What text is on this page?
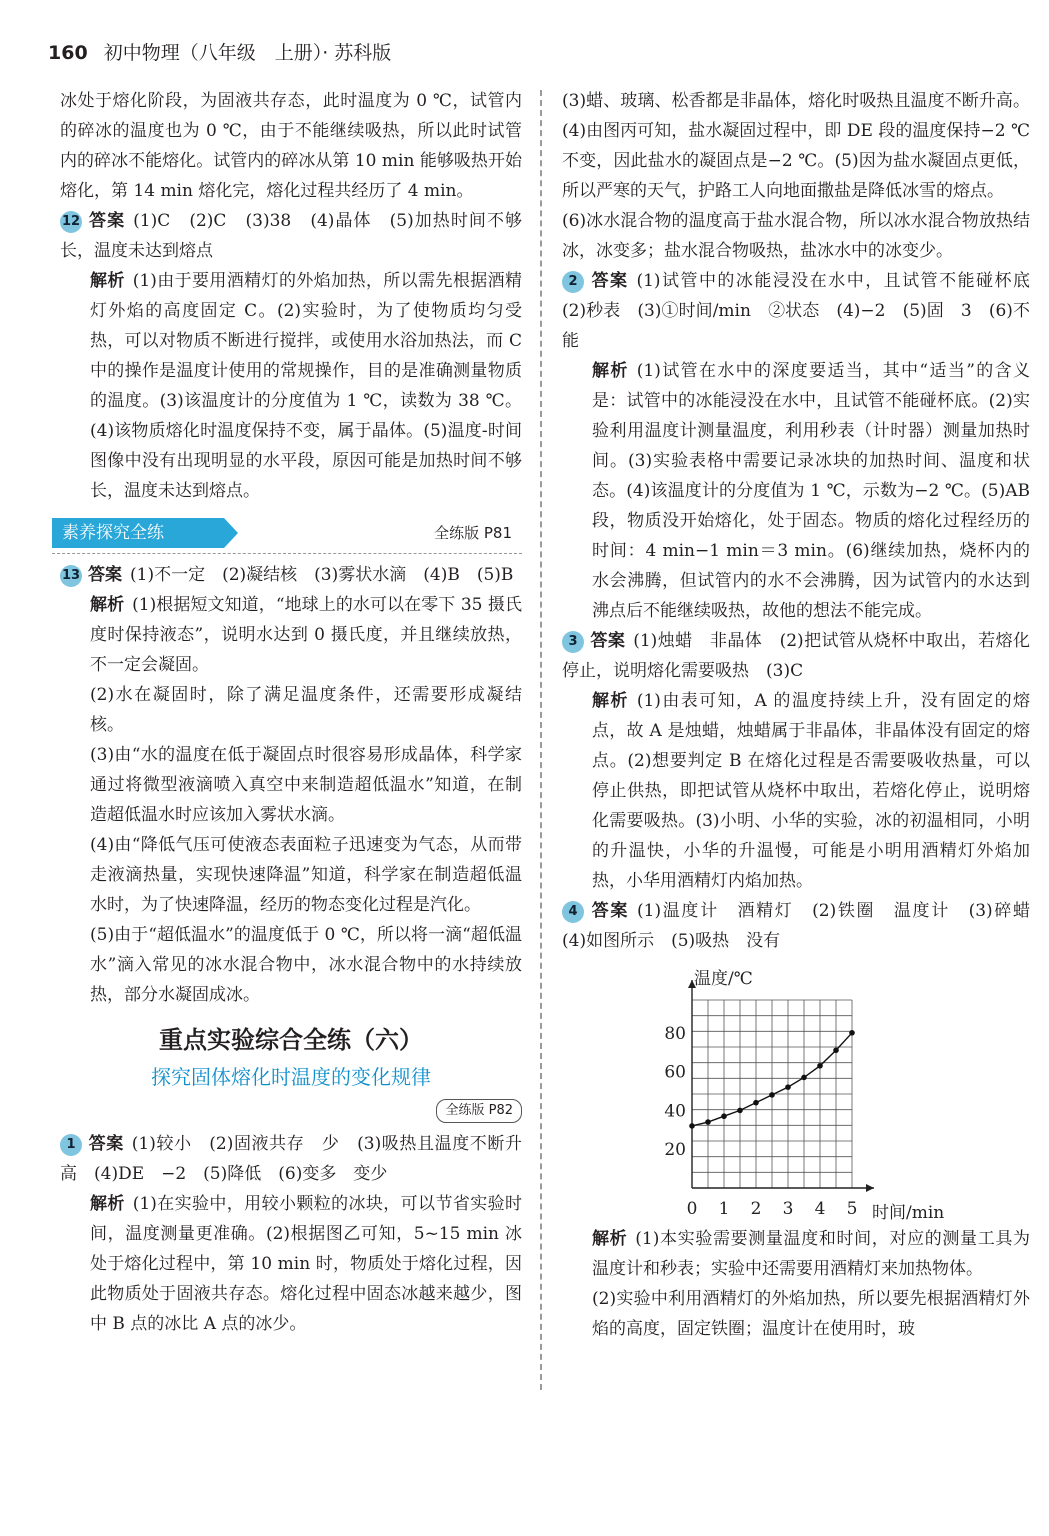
160 初中物理（八年级　上册）· 苏科版

冰处于熔化阶段，为固液共存态，此时温度为 0 ℃，试管内的碎冰的温度也为 0 ℃，由于不能继续吸热，所以此时试管内的碎冰不能熔化。试管内的碎冰从第 10 min 能够吸热开始熔化，第 14 min 熔化完，熔化过程共经历了 4 min。

12 答案 (1)C　(2)C　(3)38　(4)晶体　(5)加热时间不够长，温度未达到熔点

解析 (1)由于要用酒精灯的外焰加热，所以需先根据酒精灯外焰的高度固定 C。(2)实验时，为了使物质均匀受热，可以对物质不断进行搅拌，或使用水浴加热法，而 C 中的操作是温度计使用的常规操作，目的是准确测量物质的温度。(3)该温度计的分度值为 1 ℃，读数为 38 ℃。(4)该物质熔化时温度保持不变，属于晶体。(5)温度-时间图像中没有出现明显的水平段，原因可能是加热时间不够长，温度未达到熔点。

素养探究全练	全练版 P81

13 答案 (1)不一定　(2)凝结核　(3)雾状水滴　(4)B　(5)B

解析 (1)根据短文知道，“地球上的水可以在零下 35 摄氏度时保持液态”，说明水达到 0 摄氏度，并且继续放热，不一定会凝固。

(2)水在凝固时，除了满足温度条件，还需要形成凝结核。

(3)由“水的温度在低于凝固点时很容易形成晶体，科学家通过将微型液滴喷入真空中来制造超低温水”知道，在制造超低温水时应该加入雾状水滴。

(4)由“降低气压可使液态表面粒子迅速变为气态，从而带走液滴热量，实现快速降温”知道，科学家在制造超低温水时，为了快速降温，经历的物态变化过程是汽化。

(5)由于“超低温水”的温度低于 0 ℃，所以将一滴“超低温水”滴入常见的冰水混合物中，冰水混合物中的水持续放热，部分水凝固成冰。

重点实验综合全练（六）
探究固体熔化时温度的变化规律
全练版 P82

1 答案 (1)较小　(2)固液共存　少　(3)吸热且温度不断升高　(4)DE　−2　(5)降低　(6)变多　变少

解析 (1)在实验中，用较小颗粒的冰块，可以节省实验时间，温度测量更准确。(2)根据图乙可知，5~15 min 冰处于熔化过程中，第 10 min 时，物质处于熔化过程，因此物质处于固液共存态。熔化过程中固态冰越来越少，图中 B 点的冰比 A 点的冰少。

(3)蜡、玻璃、松香都是非晶体，熔化时吸热且温度不断升高。(4)由图丙可知，盐水凝固过程中，即 DE 段的温度保持−2 ℃不变，因此盐水的凝固点是−2 ℃。(5)因为盐水凝固点更低，所以严寒的天气，护路工人向地面撒盐是降低冰雪的熔点。

(6)冰水混合物的温度高于盐水混合物，所以冰水混合物放热结冰，冰变多；盐水混合物吸热，盐冰水中的冰变少。

2 答案 (1)试管中的冰能浸没在水中，且试管不能碰杯底　(2)秒表　(3)①时间/min　②状态　(4)−2　(5)固　3　(6)不能

解析 (1)试管在水中的深度要适当，其中“适当”的含义是：试管中的冰能浸没在水中，且试管不能碰杯底。(2)实验利用温度计测量温度，利用秒表（计时器）测量加热时间。(3)实验表格中需要记录冰块的加热时间、温度和状态。(4)该温度计的分度值为 1 ℃，示数为−2 ℃。(5)AB 段，物质没开始熔化，处于固态。物质的熔化过程经历的时间：4 min−1 min＝3 min。(6)继续加热，烧杯内的水会沸腾，但试管内的水不会沸腾，因为试管内的水达到沸点后不能继续吸热，故他的想法不能完成。

3 答案 (1)烛蜡　非晶体　(2)把试管从烧杯中取出，若熔化停止，说明熔化需要吸热　(3)C

解析 (1)由表可知，A 的温度持续上升，没有固定的熔点，故 A 是烛蜡，烛蜡属于非晶体，非晶体没有固定的熔点。(2)想要判定 B 在熔化过程是否需要吸收热量，可以停止供热，即把试管从烧杯中取出，若熔化停止，说明熔化需要吸热。(3)小明、小华的实验，冰的初温相同，小明的升温快，小华的升温慢，可能是小明用酒精灯外焰加热，小华用酒精灯内焰加热。

4 答案 (1)温度计　酒精灯　(2)铁圈　温度计　(3)碎蜡　(4)如图所示　(5)吸热　没有

0 1 2 3 4 5
20
40
60
80
时间/min
温度/℃

解析 (1)本实验需要测量温度和时间，对应的测量工具为温度计和秒表；实验中还需要用酒精灯来加热物体。

(2)实验中利用酒精灯的外焰加热，所以要先根据酒精灯外焰的高度，固定铁圈；温度计在使用时，玻
